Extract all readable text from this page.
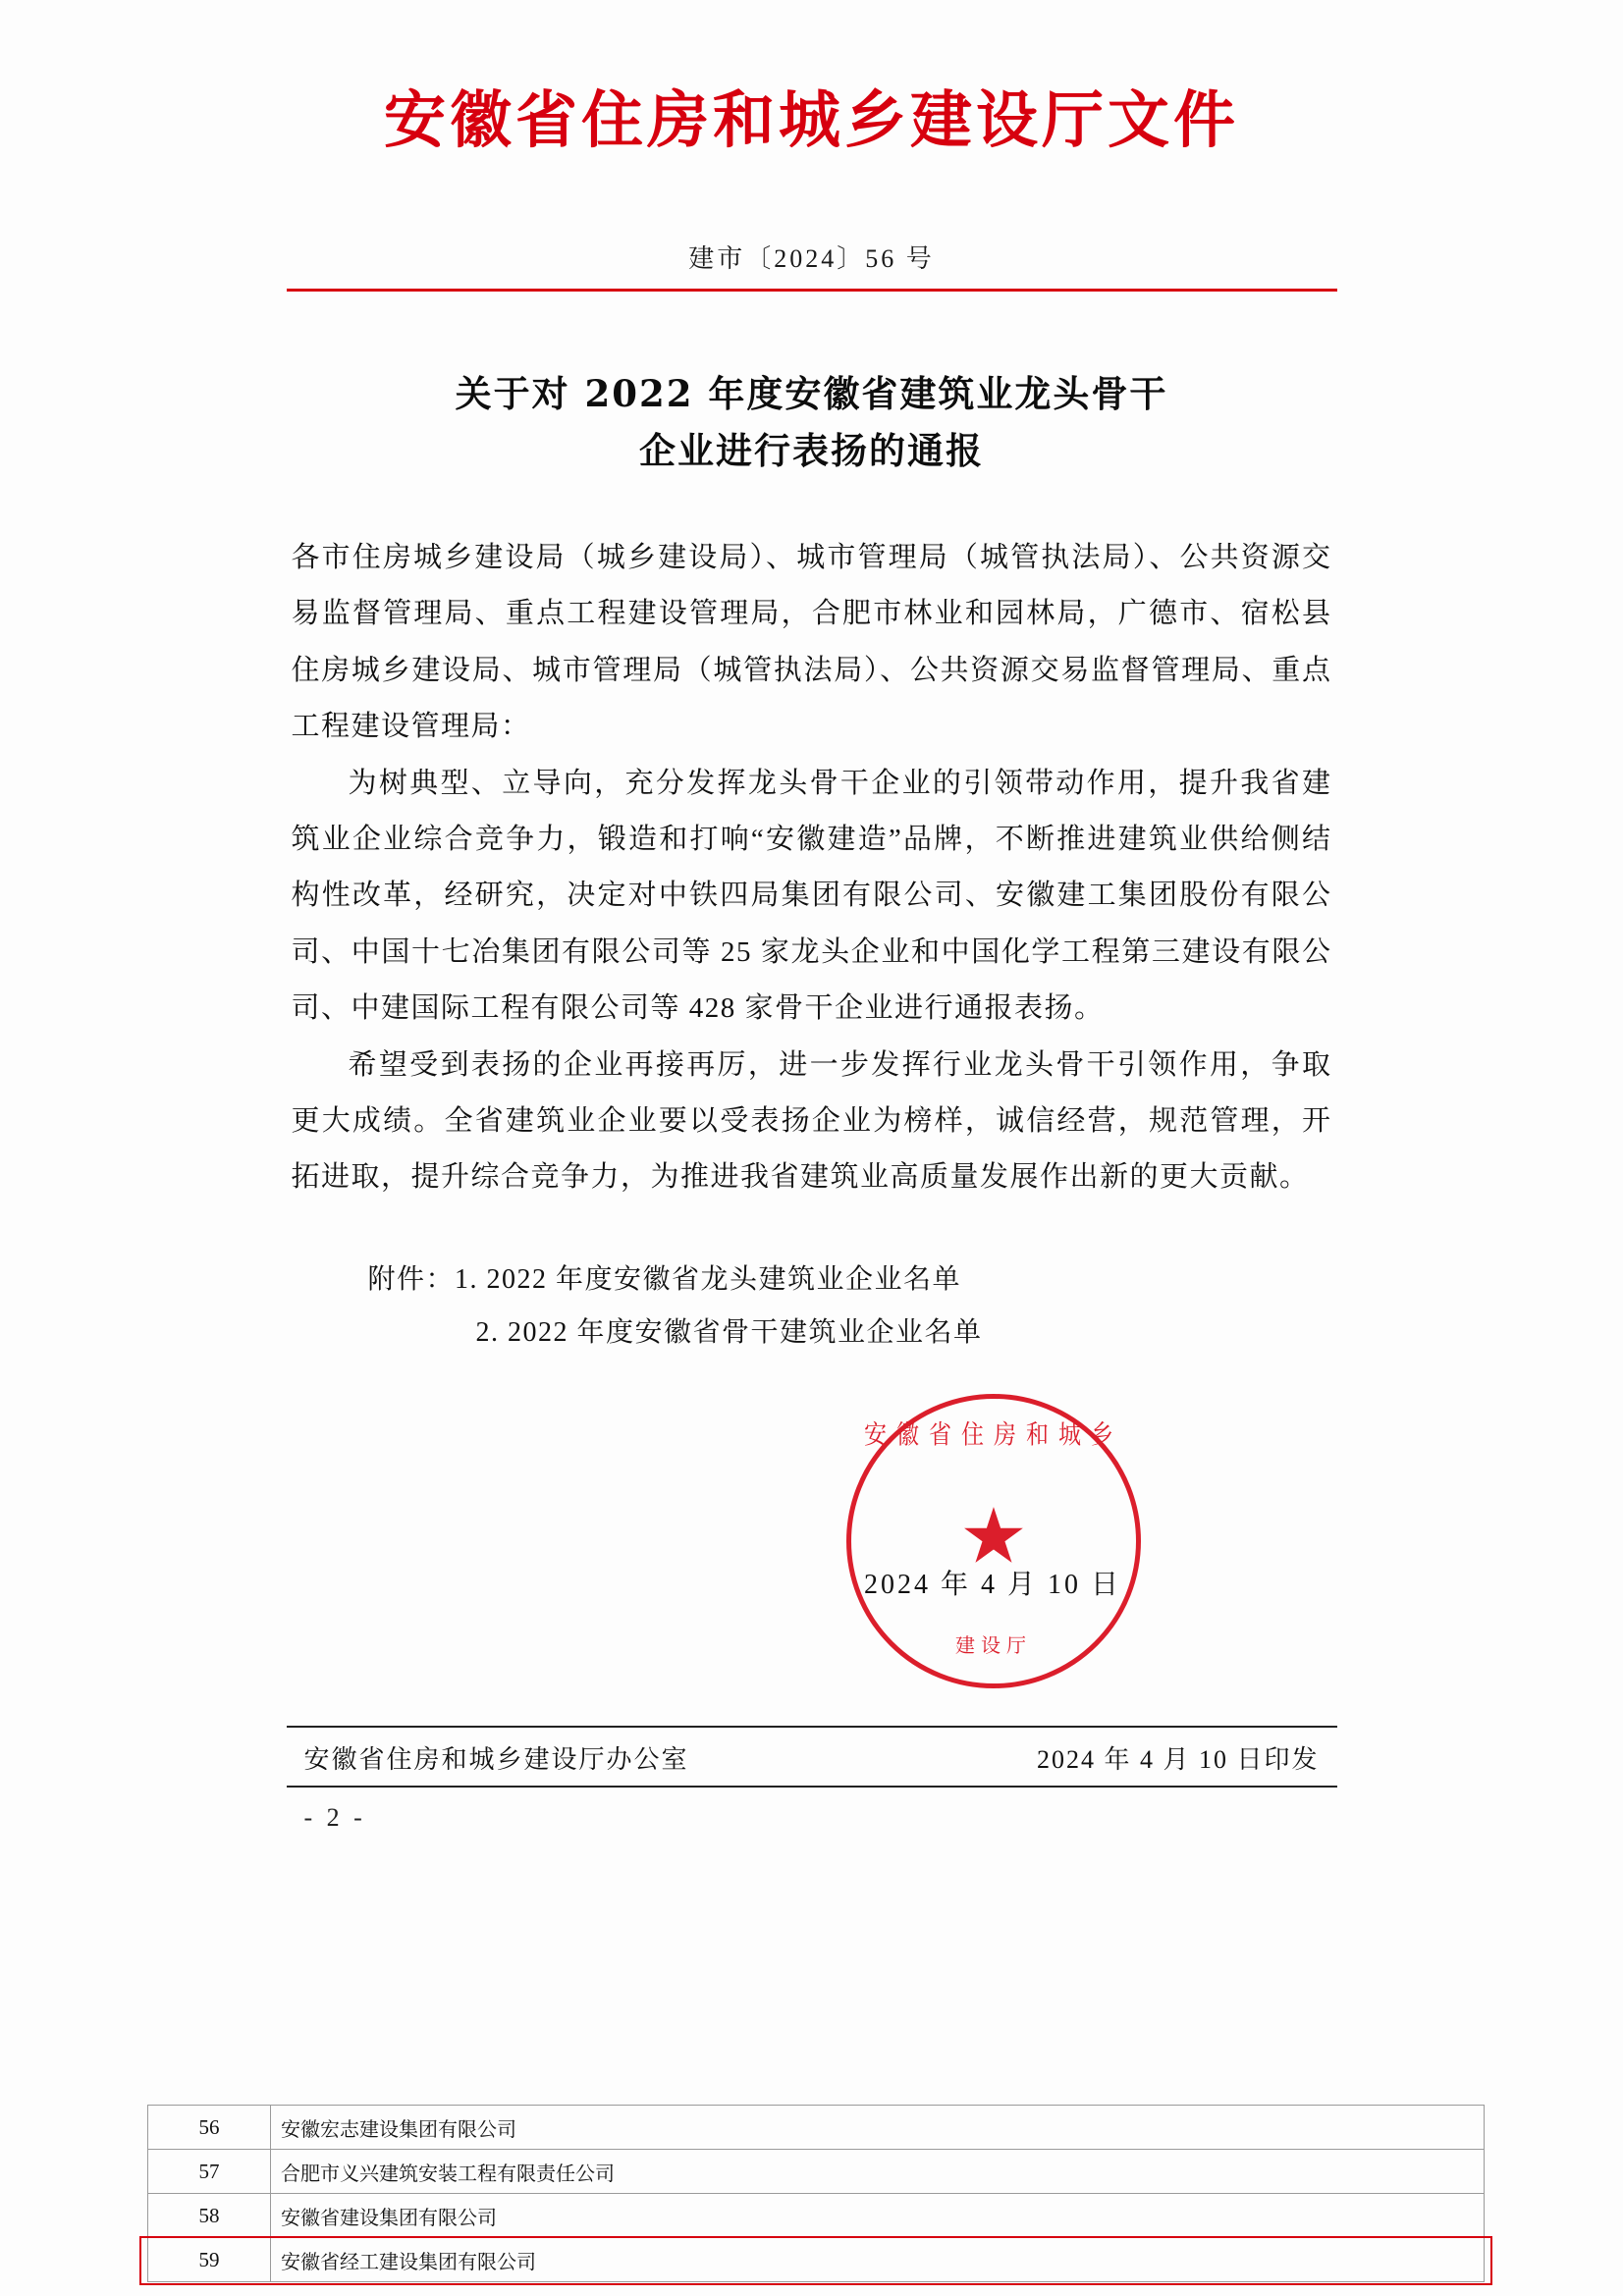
安徽省住房和城乡建设厅文件
建市〔2024〕56 号
关于对 2022 年度安徽省建筑业龙头骨干
企业进行表扬的通报

各市住房城乡建设局（城乡建设局）、城市管理局（城管执法局）、公共资源交易监督管理局、重点工程建设管理局，合肥市林业和园林局，广德市、宿松县住房城乡建设局、城市管理局（城管执法局）、公共资源交易监督管理局、重点工程建设管理局：

为树典型、立导向，充分发挥龙头骨干企业的引领带动作用，提升我省建筑业企业综合竞争力，锻造和打响“安徽建造”品牌，不断推进建筑业供给侧结构性改革，经研究，决定对中铁四局集团有限公司、安徽建工集团股份有限公司、中国十七冶集团有限公司等 25 家龙头企业和中国化学工程第三建设有限公司、中建国际工程有限公司等 428 家骨干企业进行通报表扬。

希望受到表扬的企业再接再厉，进一步发挥行业龙头骨干引领作用，争取更大成绩。全省建筑业企业要以受表扬企业为榜样，诚信经营，规范管理，开拓进取，提升综合竞争力，为推进我省建筑业高质量发展作出新的更大贡献。

附件：1. 2022 年度安徽省龙头建筑业企业名单
2. 2022 年度安徽省骨干建筑业企业名单
安徽省住房和城乡
★
建设厅
2024 年 4 月 10 日
安徽省住房和城乡建设厅办公室	2024 年 4 月 10 日印发
- 2 -
56	安徽宏志建设集团有限公司
57	合肥市义兴建筑安装工程有限责任公司
58	安徽省建设集团有限公司
59	安徽省经工建设集团有限公司
